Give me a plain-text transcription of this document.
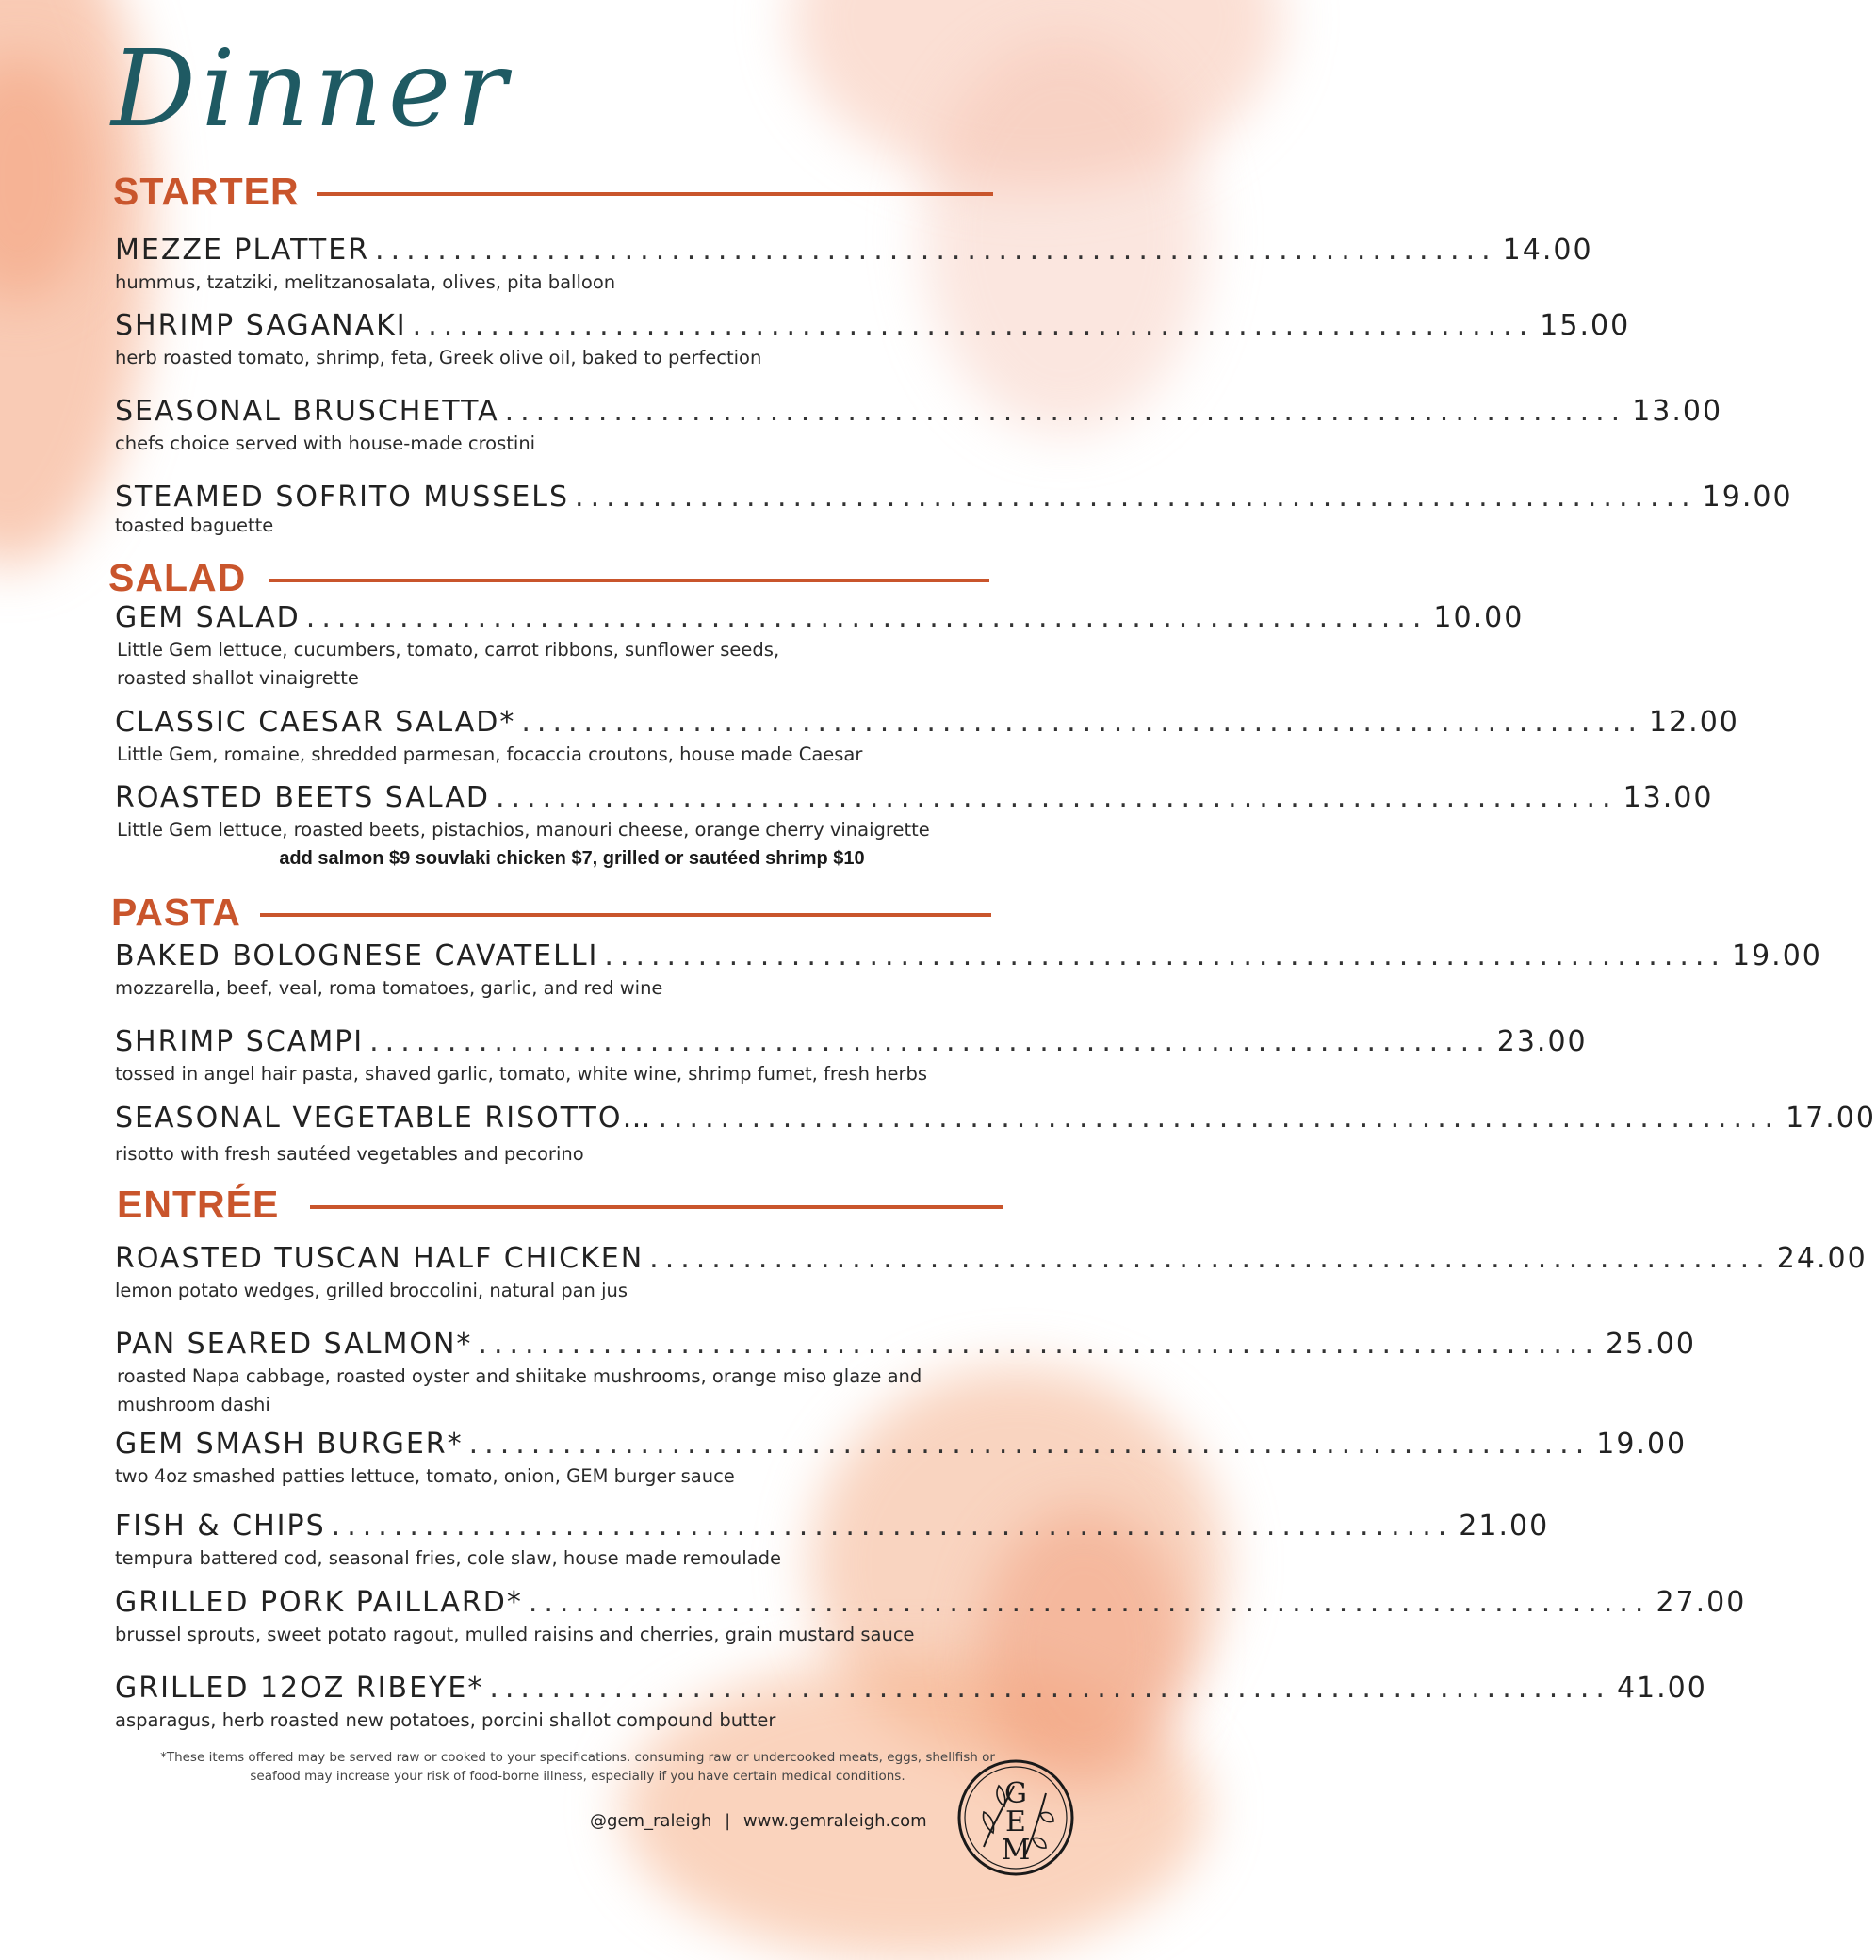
Dinner
STARTER
MEZZE PLATTER ........................................................................ 14.00
hummus, tzatziki, melitzanosalata, olives, pita balloon
SHRIMP SAGANAKI ........................................................................ 15.00
herb roasted tomato, shrimp, feta, Greek olive oil, baked to perfection
SEASONAL BRUSCHETTA ........................................................................ 13.00
chefs choice served with house-made crostini
STEAMED SOFRITO MUSSELS ........................................................................ 19.00
toasted baguette
SALAD
GEM SALAD ........................................................................ 10.00
Little Gem lettuce, cucumbers, tomato, carrot ribbons, sunflower seeds, roasted shallot vinaigrette
CLASSIC CAESAR SALAD* ........................................................................ 12.00
Little Gem, romaine, shredded parmesan, focaccia croutons, house made Caesar
ROASTED BEETS SALAD ........................................................................ 13.00
Little Gem lettuce, roasted beets, pistachios, manouri cheese, orange cherry vinaigrette
add salmon $9 souvlaki chicken $7, grilled or sautéed shrimp $10
PASTA
BAKED BOLOGNESE CAVATELLI ........................................................................ 19.00
mozzarella, beef, veal, roma tomatoes, garlic, and red wine
SHRIMP SCAMPI ........................................................................ 23.00
tossed in angel hair pasta, shaved garlic, tomato, white wine, shrimp fumet, fresh herbs
SEASONAL VEGETABLE RISOTTO… ........................................................................ 17.00
risotto with fresh sautéed vegetables and pecorino
ENTRÉE
ROASTED TUSCAN HALF CHICKEN ........................................................................ 24.00
lemon potato wedges, grilled broccolini, natural pan jus
PAN SEARED SALMON* ........................................................................ 25.00
roasted Napa cabbage, roasted oyster and shiitake mushrooms, orange miso glaze and mushroom dashi
GEM SMASH BURGER* ........................................................................ 19.00
two 4oz smashed patties lettuce, tomato, onion, GEM burger sauce
FISH & CHIPS ........................................................................ 21.00
tempura battered cod, seasonal fries, cole slaw, house made remoulade
GRILLED PORK PAILLARD* ........................................................................ 27.00
brussel sprouts, sweet potato ragout, mulled raisins and cherries, grain mustard sauce
GRILLED 12OZ RIBEYE* ........................................................................ 41.00
asparagus, herb roasted new potatoes, porcini shallot compound butter
*These items offered may be served raw or cooked to your specifications. consuming raw or undercooked meats, eggs, shellfish or seafood may increase your risk of food-borne illness, especially if you have certain medical conditions.
@gem_raleigh | www.gemraleigh.com
G
E
M
